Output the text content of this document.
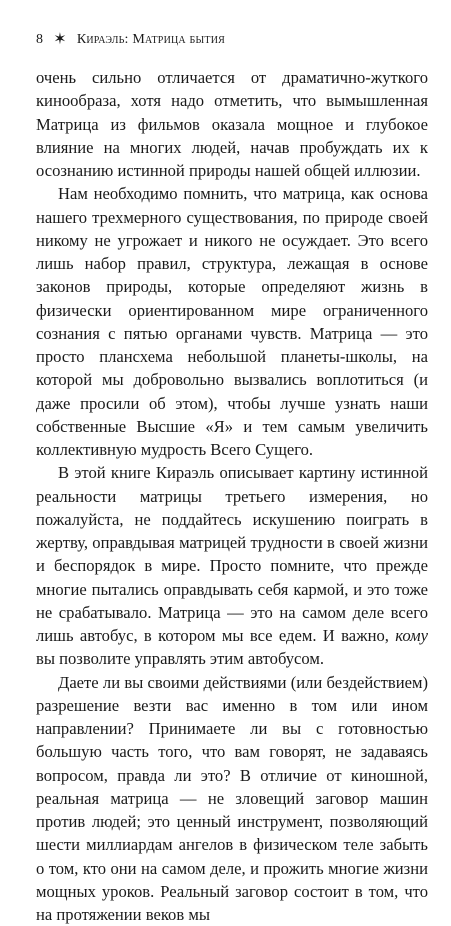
8 ✶ Кираэль: Матрица бытия

очень сильно отличается от драматично-жуткого кинообраза, хотя надо отметить, что вымышленная Матрица из фильмов оказала мощное и глубокое влияние на многих людей, начав пробуждать их к осознанию истинной природы нашей общей иллюзии.

Нам необходимо помнить, что матрица, как основа нашего трехмерного существования, по природе своей никому не угрожает и никого не осуждает. Это всего лишь набор правил, структура, лежащая в основе законов природы, которые определяют жизнь в физически ориентированном мире ограниченного сознания с пятью органами чувств. Матрица — это просто плансхема небольшой планеты-школы, на которой мы добровольно вызвались воплотиться (и даже просили об этом), чтобы лучше узнать наши собственные Высшие «Я» и тем самым увеличить коллективную мудрость Всего Сущего.

В этой книге Кираэль описывает картину истинной реальности матрицы третьего измерения, но пожалуйста, не поддайтесь искушению поиграть в жертву, оправдывая матрицей трудности в своей жизни и беспорядок в мире. Просто помните, что прежде многие пытались оправдывать себя кармой, и это тоже не срабатывало. Матрица — это на самом деле всего лишь автобус, в котором мы все едем. И важно, кому вы позволите управлять этим автобусом.

Даете ли вы своими действиями (или бездействием) разрешение везти вас именно в том или ином направлении? Принимаете ли вы с готовностью большую часть того, что вам говорят, не задаваясь вопросом, правда ли это? В отличие от киношной, реальная матрица — не зловещий заговор машин против людей; это ценный инструмент, позволяющий шести миллиардам ангелов в физическом теле забыть о том, кто они на самом деле, и прожить многие жизни мощных уроков. Реальный заговор состоит в том, что на протяжении веков мы
